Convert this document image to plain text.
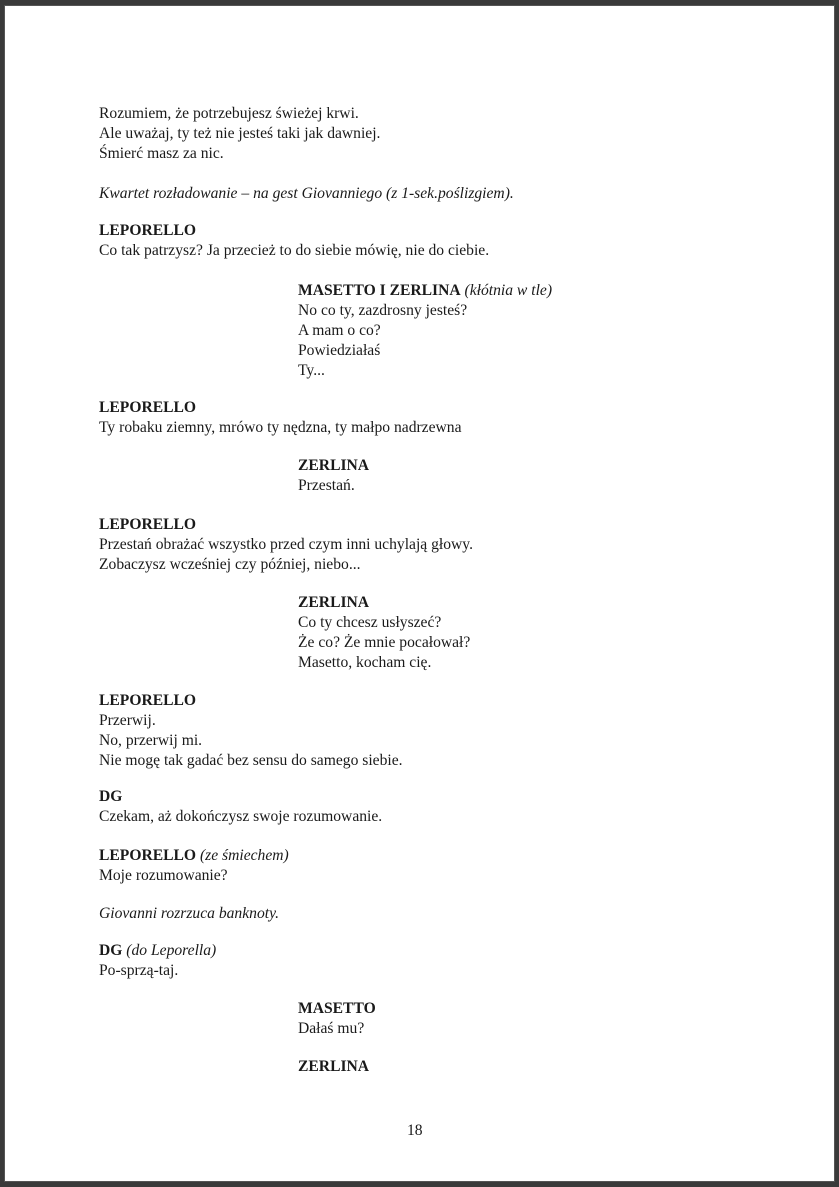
Rozumiem, że potrzebujesz świeżej krwi.
Ale uważaj, ty też nie jesteś taki jak dawniej.
Śmierć masz za nic.
Kwartet rozładowanie – na gest Giovanniego (z 1-sek.poślizgiem).
LEPORELLO
Co tak patrzysz? Ja przecież to do siebie mówię, nie do ciebie.
MASETTO I ZERLINA (kłótnia w tle)
No co ty, zazdrosny jesteś?
A mam o co?
Powiedziałaś
Ty...
LEPORELLO
Ty robaku ziemny, mrówo ty nędzna, ty małpo nadrzewna
ZERLINA
Przestań.
LEPORELLO
Przestań obrażać wszystko przed czym inni uchylają głowy.
Zobaczysz wcześniej czy później, niebo...
ZERLINA
Co ty chcesz usłyszeć?
Że co? Że mnie pocałował?
Masetto, kocham cię.
LEPORELLO
Przerwij.
No, przerwij mi.
Nie mogę tak gadać bez sensu do samego siebie.
DG
Czekam, aż dokończysz swoje rozumowanie.
LEPORELLO (ze śmiechem)
Moje rozumowanie?
Giovanni rozrzuca banknoty.
DG (do Leporella)
Po-sprzą-taj.
MASETTO
Dałaś mu?
ZERLINA
18
